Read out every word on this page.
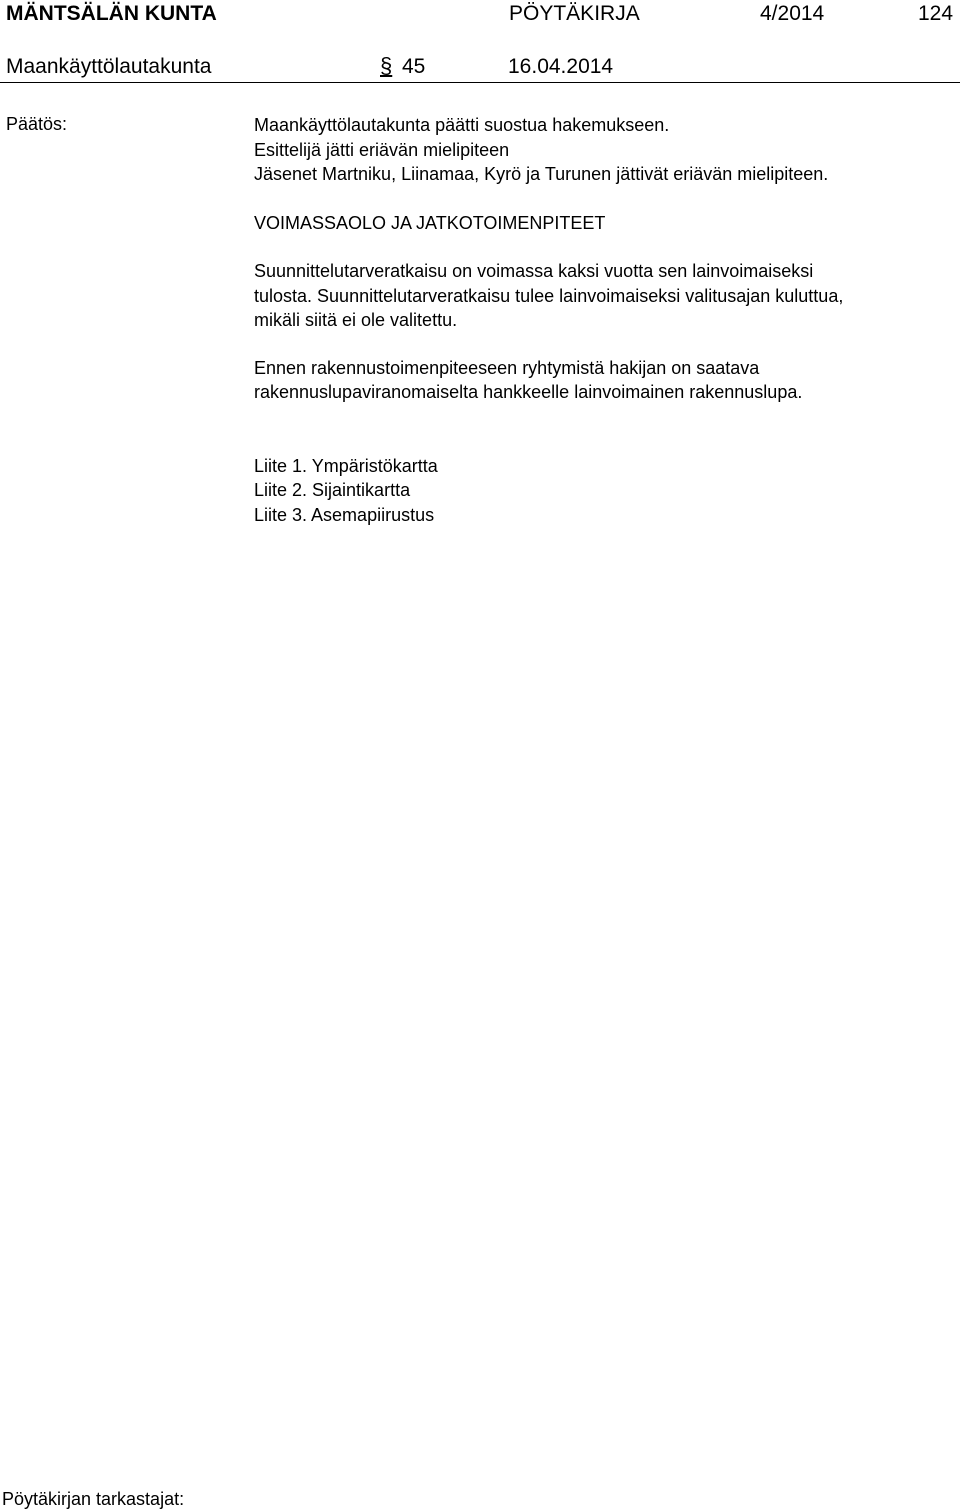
MÄNTSÄLÄN KUNTA	PÖYTÄKIRJA	4/2014	124
Maankäyttölautakunta	§ 45	16.04.2014
Päätös:	Maankäyttölautakunta päätti suostua hakemukseen.
Esittelijä jätti eriävän mielipiteen
Jäsenet Martniku, Liinamaa, Kyrö ja Turunen jättivät eriävän mielipiteen.
VOIMASSAOLO JA JATKOTOIMENPITEET
Suunnittelutarveratkaisu on voimassa kaksi vuotta sen lainvoimaiseksi
tulosta. Suunnittelutarveratkaisu tulee lainvoimaiseksi valitusajan kuluttua,
mikäli siitä ei ole valitettu.
Ennen rakennustoimenpiteeseen ryhtymistä hakijan on saatava
rakennuslupaviranomaiselta hankkeelle lainvoimainen rakennuslupa.
Liite 1. Ympäristökartta
Liite 2. Sijaintikartta
Liite 3. Asemapiirustus
Pöytäkirjan tarkastajat:
